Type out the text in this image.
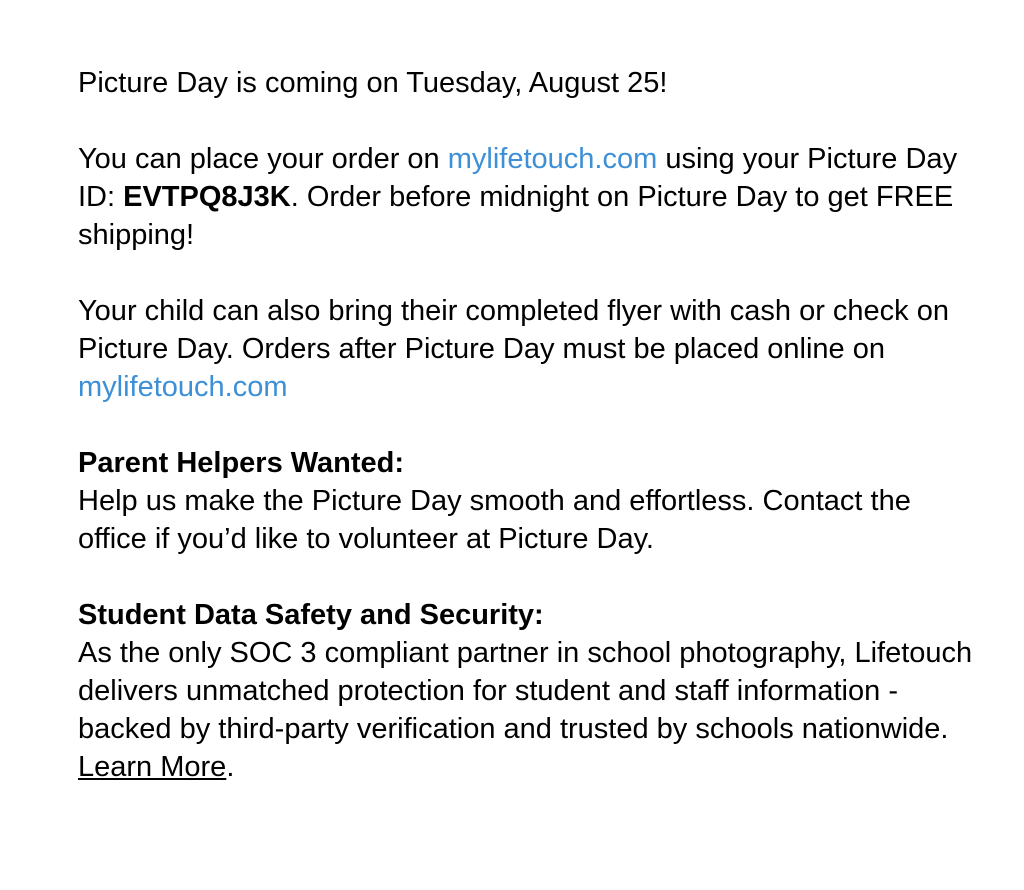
Picture Day is coming on Tuesday, August 25!

You can place your order on mylifetouch.com using your Picture Day ID: EVTPQ8J3K. Order before midnight on Picture Day to get FREE shipping!

Your child can also bring their completed flyer with cash or check on Picture Day. Orders after Picture Day must be placed online on mylifetouch.com

Parent Helpers Wanted:
Help us make the Picture Day smooth and effortless. Contact the office if you’d like to volunteer at Picture Day.

Student Data Safety and Security:
As the only SOC 3 compliant partner in school photography, Lifetouch delivers unmatched protection for student and staff information - backed by third-party verification and trusted by schools nationwide. Learn More.
